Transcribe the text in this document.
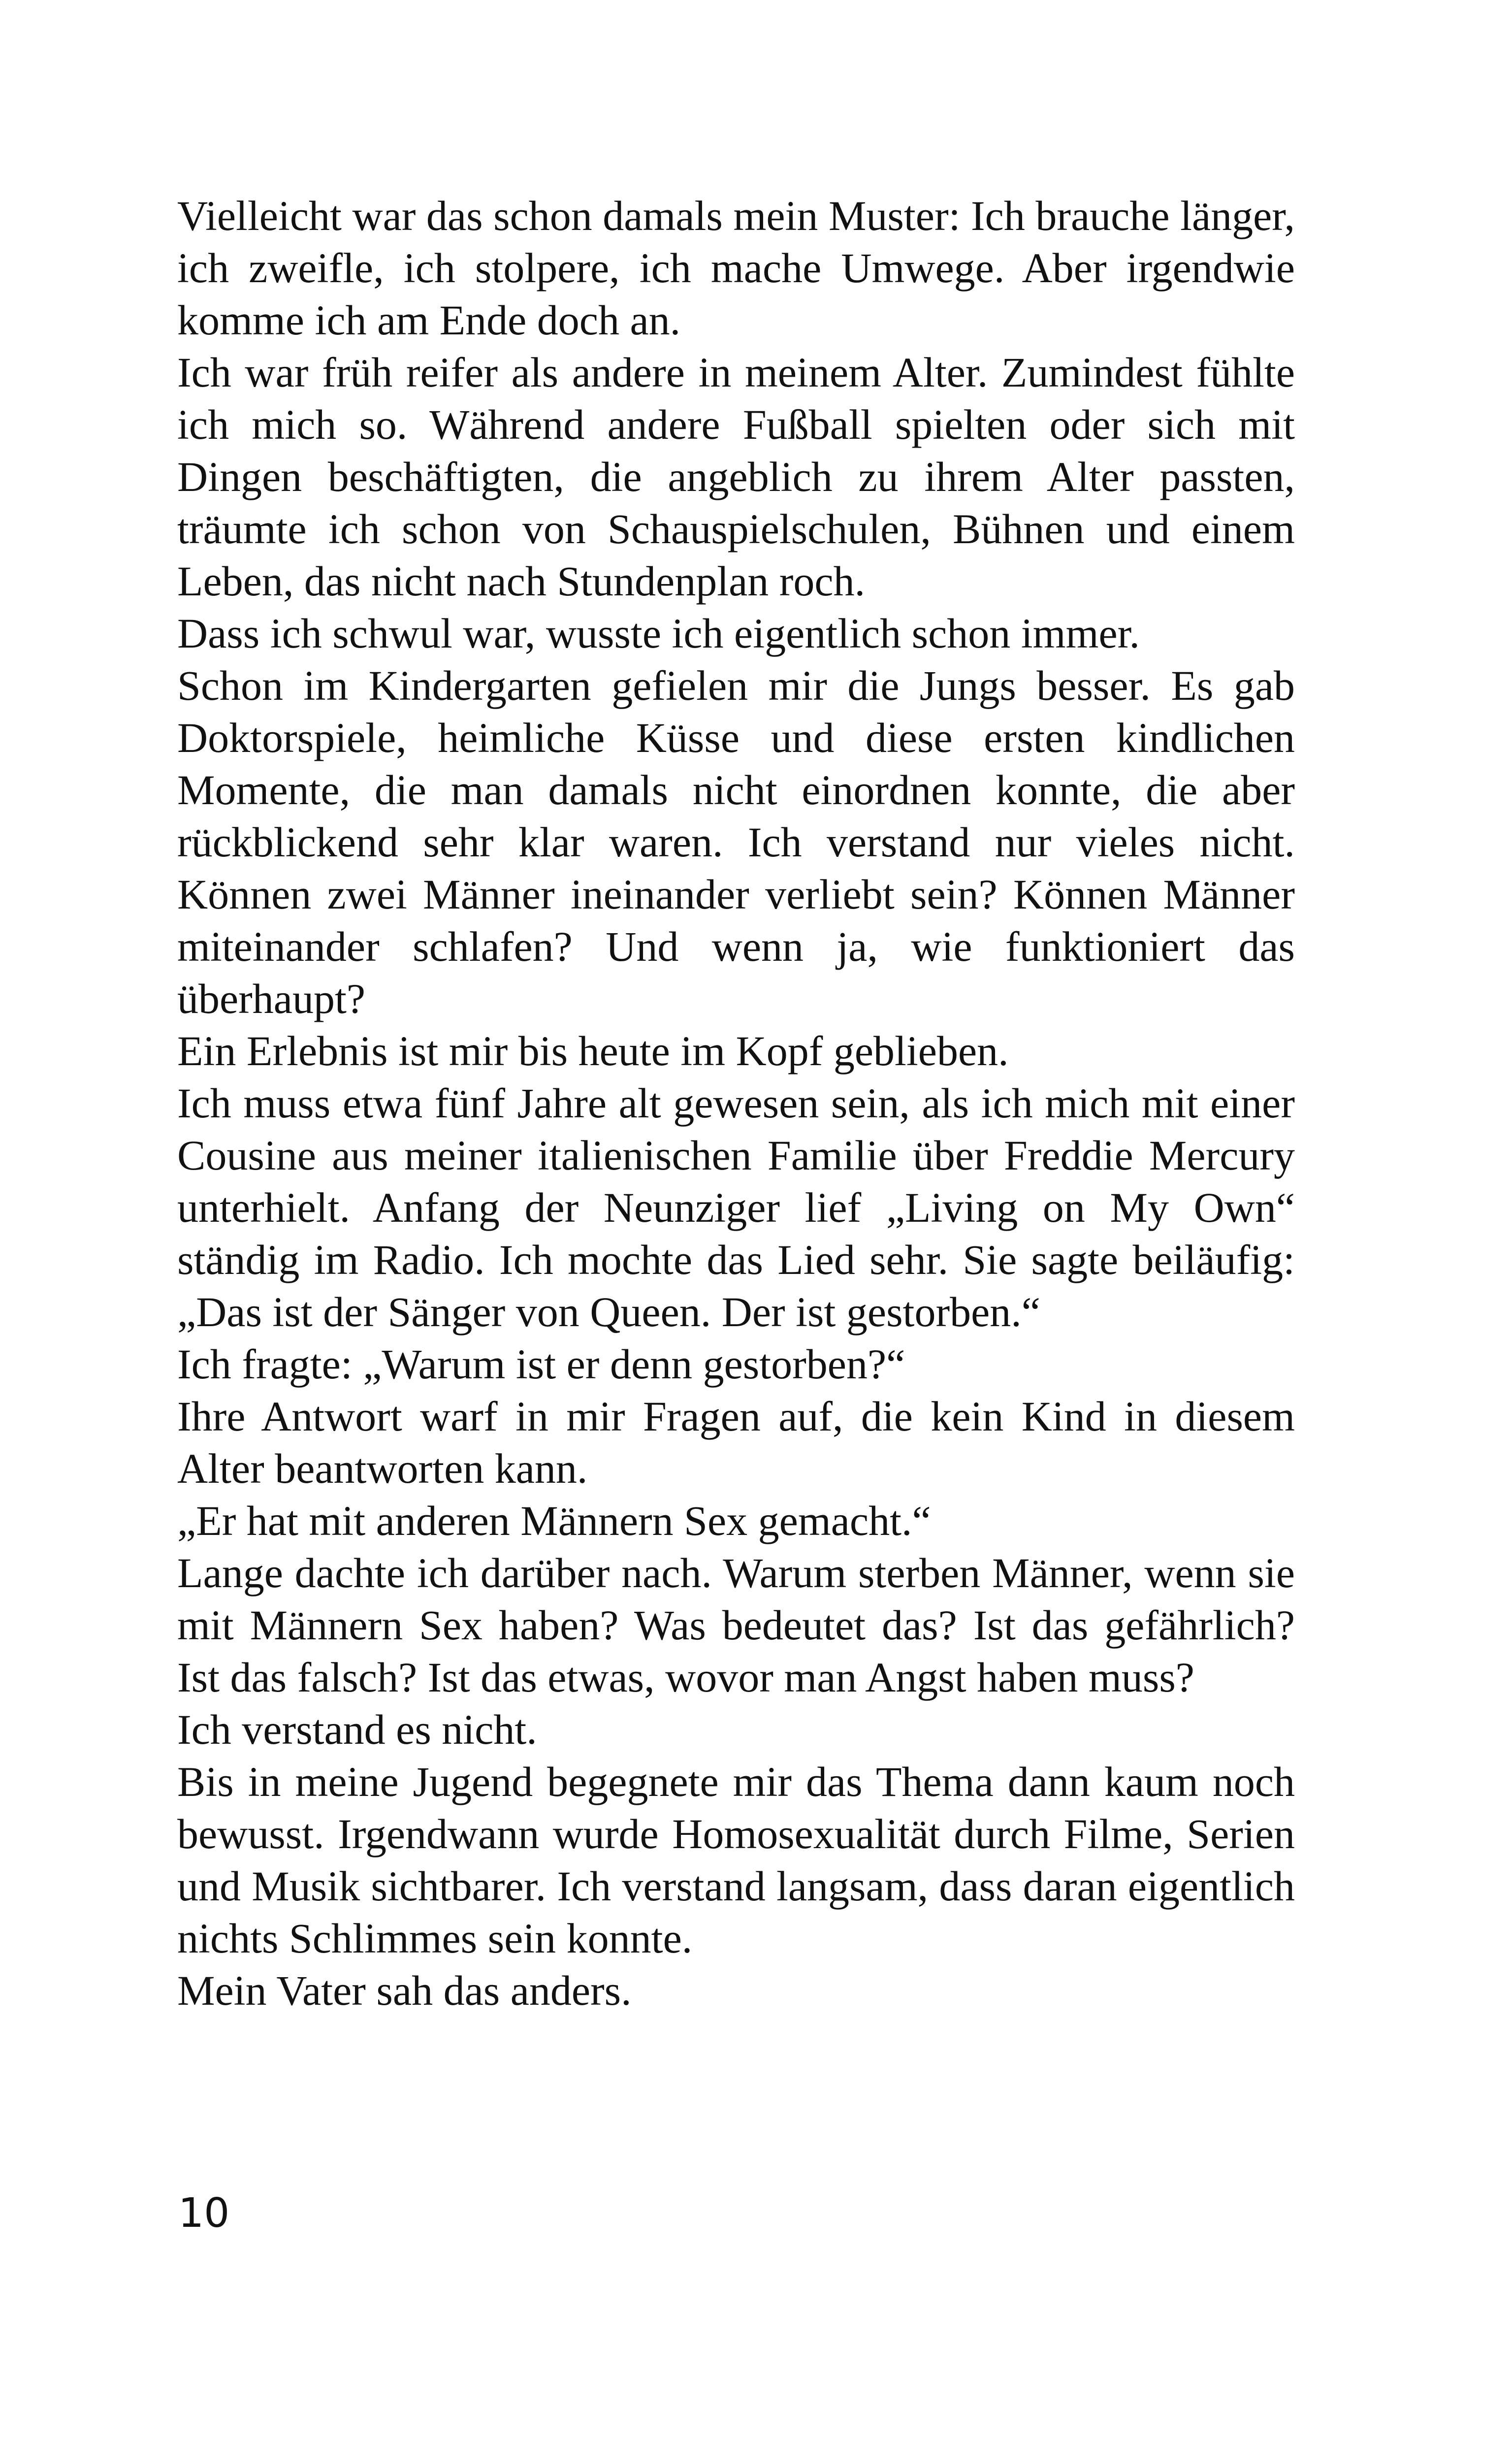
Vielleicht war das schon damals mein Muster: Ich brauche länger, ich zweifle, ich stolpere, ich mache Umwege. Aber irgendwie komme ich am Ende doch an.

Ich war früh reifer als andere in meinem Alter. Zumindest fühlte ich mich so. Während andere Fußball spielten oder sich mit Dingen beschäftigten, die angeblich zu ihrem Alter passten, träumte ich schon von Schauspielschulen, Bühnen und einem Leben, das nicht nach Stundenplan roch.

Dass ich schwul war, wusste ich eigentlich schon immer.

Schon im Kindergarten gefielen mir die Jungs besser. Es gab Doktorspiele, heimliche Küsse und diese ersten kindlichen Momente, die man damals nicht einordnen konnte, die aber rückblickend sehr klar waren. Ich verstand nur vieles nicht. Können zwei Männer ineinander verliebt sein? Können Männer miteinander schlafen? Und wenn ja, wie funktioniert das überhaupt?

Ein Erlebnis ist mir bis heute im Kopf geblieben.

Ich muss etwa fünf Jahre alt gewesen sein, als ich mich mit einer Cousine aus meiner italienischen Familie über Freddie Mercury unterhielt. Anfang der Neunziger lief „Living on My Own“ ständig im Radio. Ich mochte das Lied sehr. Sie sagte beiläufig: „Das ist der Sänger von Queen. Der ist gestorben.“

Ich fragte: „Warum ist er denn gestorben?“

Ihre Antwort warf in mir Fragen auf, die kein Kind in diesem Alter beantworten kann.

„Er hat mit anderen Männern Sex gemacht.“

Lange dachte ich darüber nach. Warum sterben Männer, wenn sie mit Männern Sex haben? Was bedeutet das? Ist das gefährlich? Ist das falsch? Ist das etwas, wovor man Angst haben muss?

Ich verstand es nicht.

Bis in meine Jugend begegnete mir das Thema dann kaum noch bewusst. Irgendwann wurde Homosexualität durch Filme, Serien und Musik sichtbarer. Ich verstand langsam, dass daran eigentlich nichts Schlimmes sein konnte.

Mein Vater sah das anders.

10
